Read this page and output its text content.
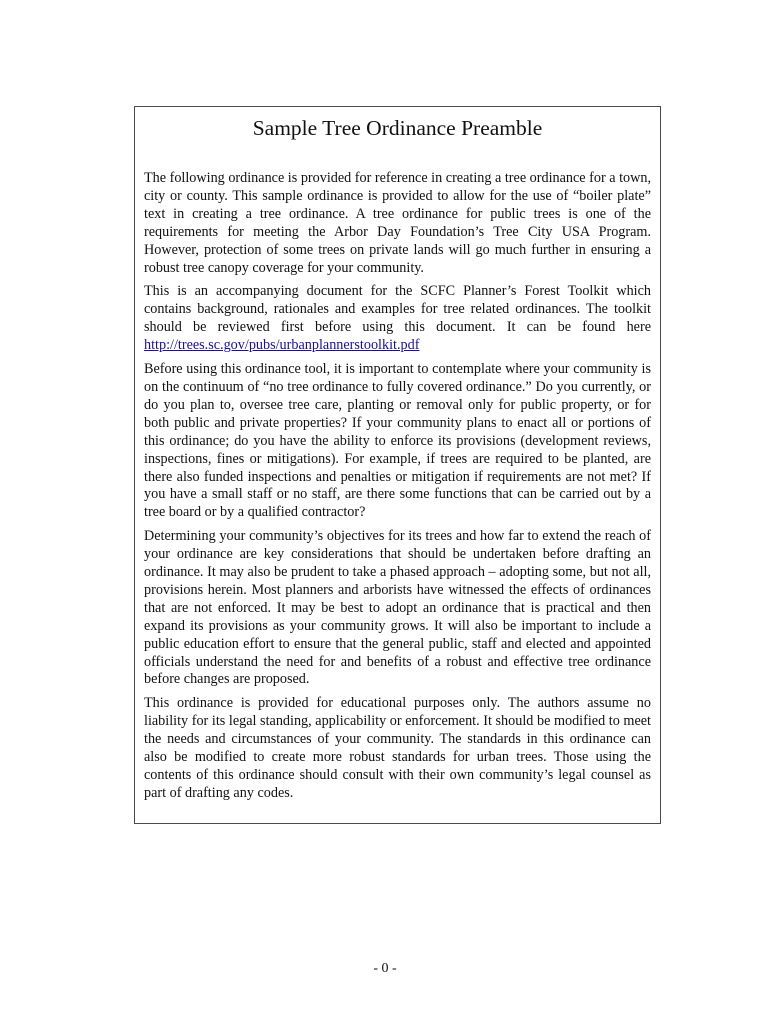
Sample Tree Ordinance Preamble

The following ordinance is provided for reference in creating a tree ordinance for a town, city or county. This sample ordinance is provided to allow for the use of “boiler plate” text in creating a tree ordinance. A tree ordinance for public trees is one of the requirements for meeting the Arbor Day Foundation’s Tree City USA Program. However, protection of some trees on private lands will go much further in ensuring a robust tree canopy coverage for your community.

This is an accompanying document for the SCFC Planner’s Forest Toolkit which contains background, rationales and examples for tree related ordinances. The toolkit should be reviewed first before using this document. It can be found here http://trees.sc.gov/pubs/urbanplannerstoolkit.pdf

Before using this ordinance tool, it is important to contemplate where your community is on the continuum of “no tree ordinance to fully covered ordinance.” Do you currently, or do you plan to, oversee tree care, planting or removal only for public property, or for both public and private properties? If your community plans to enact all or portions of this ordinance; do you have the ability to enforce its provisions (development reviews, inspections, fines or mitigations). For example, if trees are required to be planted, are there also funded inspections and penalties or mitigation if requirements are not met? If you have a small staff or no staff, are there some functions that can be carried out by a tree board or by a qualified contractor?

Determining your community’s objectives for its trees and how far to extend the reach of your ordinance are key considerations that should be undertaken before drafting an ordinance. It may also be prudent to take a phased approach – adopting some, but not all, provisions herein. Most planners and arborists have witnessed the effects of ordinances that are not enforced. It may be best to adopt an ordinance that is practical and then expand its provisions as your community grows. It will also be important to include a public education effort to ensure that the general public, staff and elected and appointed officials understand the need for and benefits of a robust and effective tree ordinance before changes are proposed.

This ordinance is provided for educational purposes only. The authors assume no liability for its legal standing, applicability or enforcement. It should be modified to meet the needs and circumstances of your community. The standards in this ordinance can also be modified to create more robust standards for urban trees. Those using the contents of this ordinance should consult with their own community’s legal counsel as part of drafting any codes.

- 0 -
